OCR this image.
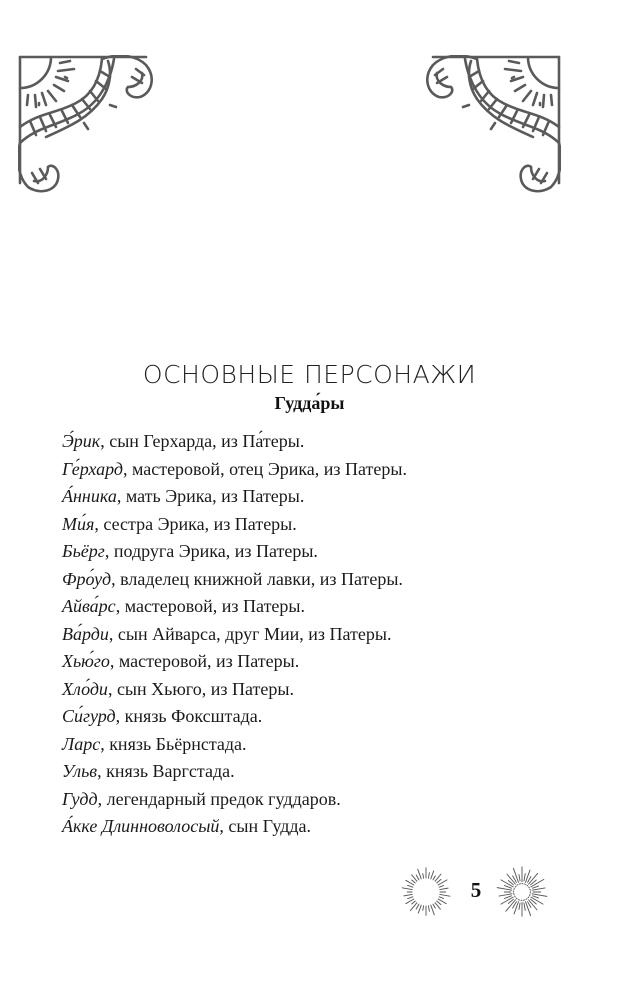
ОСНОВНЫЕ ПЕРСОНАЖИ
Гудда́ры
Э́рик, сын Герхарда, из Па́теры.
Ге́рхард, мастеровой, отец Эрика, из Патеры.
А́нника, мать Эрика, из Патеры.
Ми́я, сестра Эрика, из Патеры.
Бьёрг, подруга Эрика, из Патеры.
Фро́уд, владелец книжной лавки, из Патеры.
Айва́рс, мастеровой, из Патеры.
Ва́рди, сын Айварса, друг Мии, из Патеры.
Хью́го, мастеровой, из Патеры.
Хло́ди, сын Хьюго, из Патеры.
Си́гурд, князь Фоксштада.
Ларс, князь Бьёрнстада.
Ульв, князь Варгстада.
Гудд, легендарный предок гуддаров.
А́кке Длинноволосый, сын Гудда.
5
